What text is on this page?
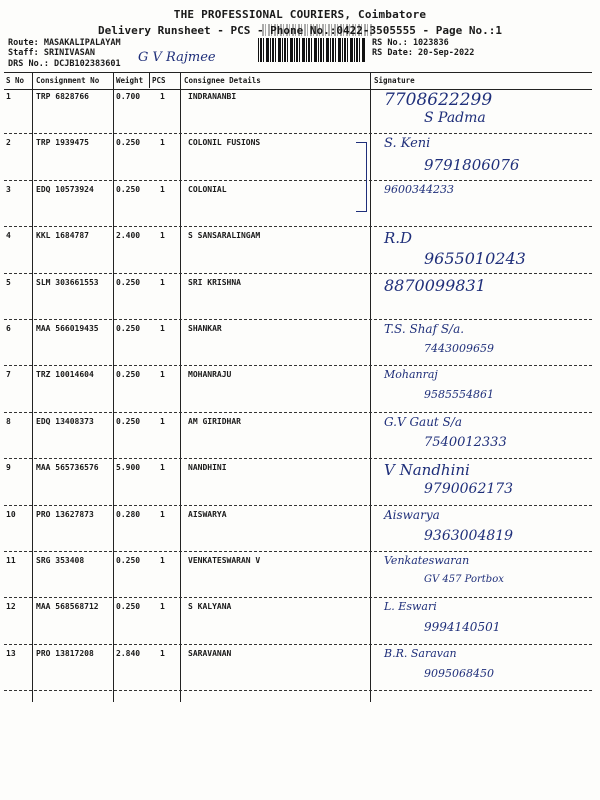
THE PROFESSIONAL COURIERS, Coimbatore
Delivery Runsheet - PCS - Phone No.:0422-3505555 - Page No.:1
Route: MASAKALIPALAYAM
Staff: SRINIVASAN
DRS No.: DCJB102383601 G V Rajmee
RS No.: 1023836
RS Date: 20-Sep-2022
S No Consignment No Weight PCS Consignee Details	Signature
1	TRP 6828766	0.700 1	INDRANANBI	7708622299
S Padma
2	TRP 1939475	0.250 1	COLONIL FUSIONS	S. Keni
9791806076
3	EDQ 10573924	0.250 1	COLONIAL	9600344233
4	KKL 1684787	2.400 1	S SANSARALINGAM	R.D
9655010243
5	SLM 303661553 0.250 1	SRI KRISHNA	8870099831
6	MAA 566019435 0.250 1	SHANKAR	T.S. Shaf S/a.
7443009659
7	TRZ 10014604	0.250 1	MOHANRAJU	Mohanraj
9585554861
8	EDQ 13408373	0.250 1	AM GIRIDHAR	G.V Gaut S/a
7540012333
9	MAA 565736576 5.900 1	NANDHINI	V Nandhini
9790062173
10	PRO 13627873	0.280 1	AISWARYA	Aiswarya
9363004819
11	SRG 353408	0.250 1	VENKATESWARAN V	Venkateswaran
GV 457 Portbox
12	MAA 568568712 0.250 1	S KALYANA	L. Eswari
9994140501
13	PRO 13817208	2.840 1	SARAVANAN	B.R. Saravan
9095068450
